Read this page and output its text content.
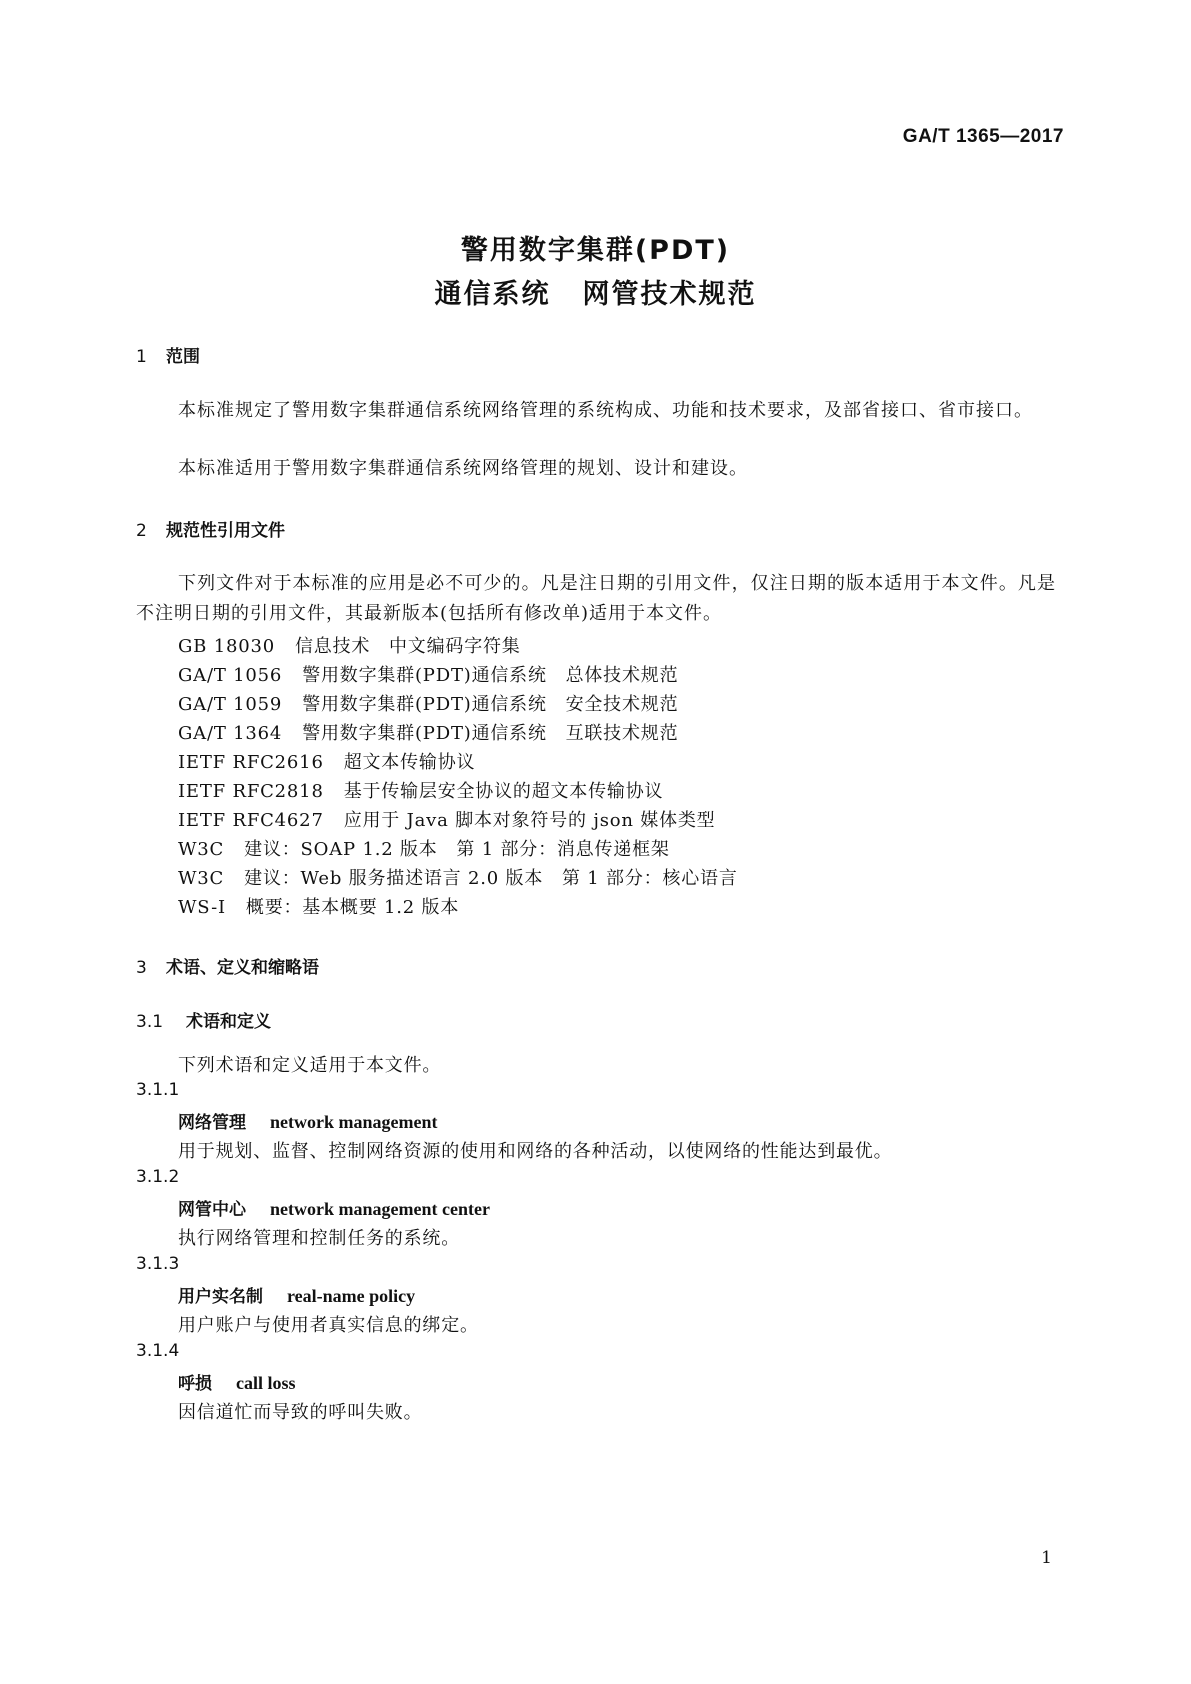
GA/T 1365—2017
警用数字集群(PDT)
通信系统 网管技术规范
1 范围

本标准规定了警用数字集群通信系统网络管理的系统构成、功能和技术要求，及部省接口、省市接口。

本标准适用于警用数字集群通信系统网络管理的规划、设计和建设。

2 规范性引用文件

下列文件对于本标准的应用是必不可少的。凡是注日期的引用文件，仅注日期的版本适用于本文件。凡是不注明日期的引用文件，其最新版本(包括所有修改单)适用于本文件。

GB 18030 信息技术　中文编码字符集
GA/T 1056 警用数字集群(PDT)通信系统　总体技术规范
GA/T 1059 警用数字集群(PDT)通信系统　安全技术规范
GA/T 1364 警用数字集群(PDT)通信系统　互联技术规范
IETF RFC2616 超文本传输协议
IETF RFC2818 基于传输层安全协议的超文本传输协议
IETF RFC4627 应用于 Java 脚本对象符号的 json 媒体类型
W3C 建议：SOAP 1.2 版本　第 1 部分：消息传递框架
W3C 建议：Web 服务描述语言 2.0 版本　第 1 部分：核心语言
WS-I 概要：基本概要 1.2 版本
3 术语、定义和缩略语
3.1 术语和定义
下列术语和定义适用于本文件。
3.1.1
网络管理 network management
用于规划、监督、控制网络资源的使用和网络的各种活动，以使网络的性能达到最优。
3.1.2
网管中心 network management center
执行网络管理和控制任务的系统。
3.1.3
用户实名制 real-name policy
用户账户与使用者真实信息的绑定。
3.1.4
呼损 call loss
因信道忙而导致的呼叫失败。
1
